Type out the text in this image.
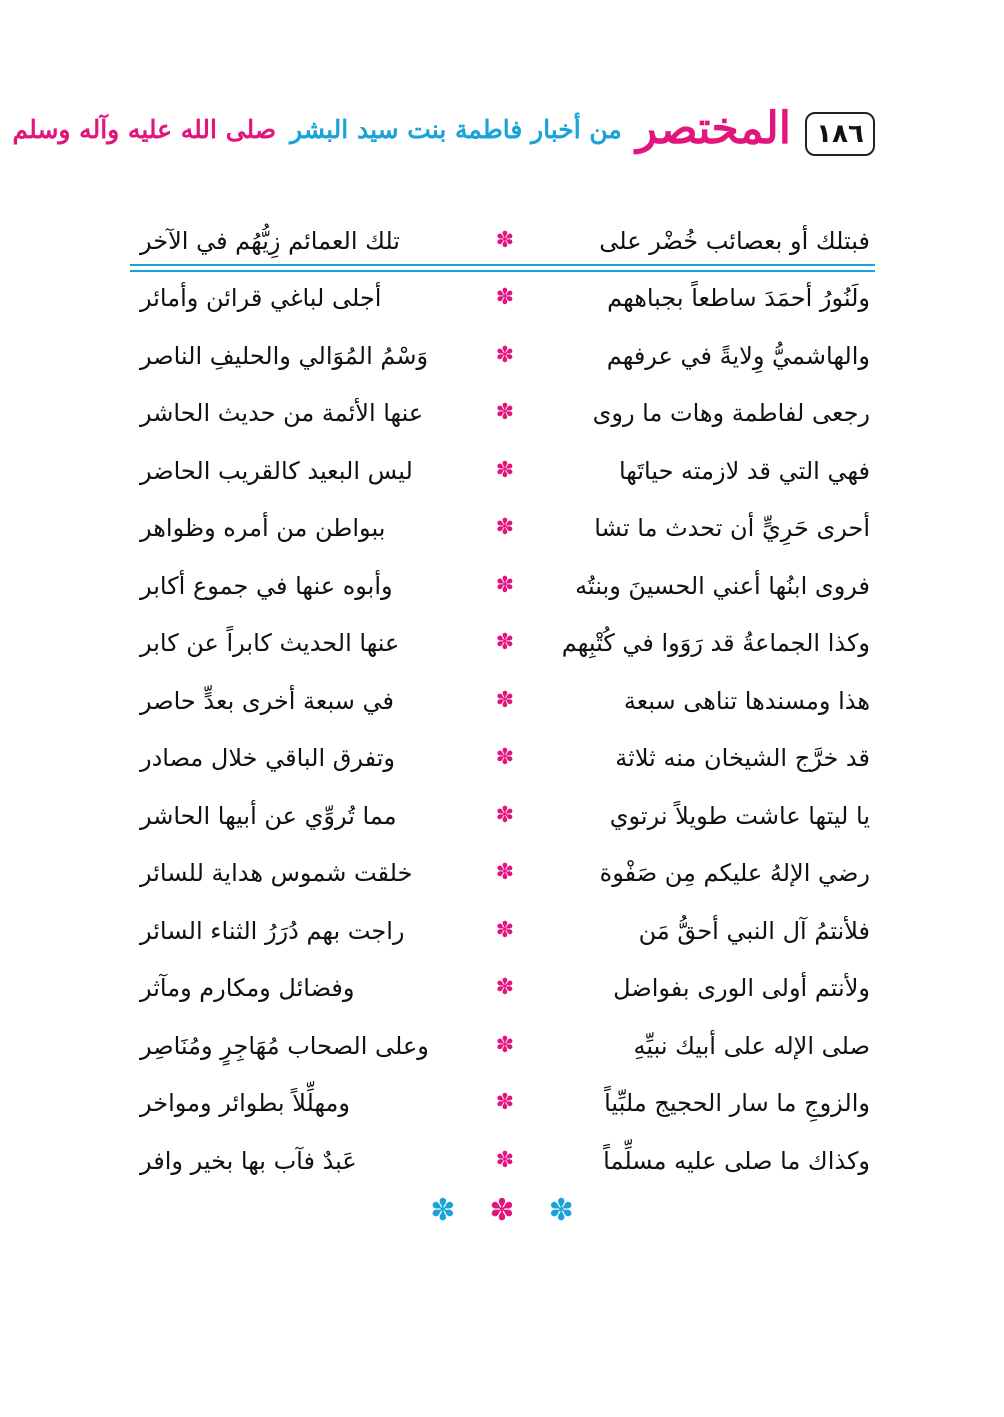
١٨٦
المختصر
من أخبار فاطمة بنت سيد البشر
صلى الله عليه وآله وسلم
فبتلك أو بعصائب خُضْر على
✽
تلك العمائم زِيُّهُم في الآخر
ولَنُورُ أحمَدَ ساطعاً بجباههم
✽
أجلى لباغي قرائن وأمائر
والهاشميُّ وِلايةً في عرفهم
✽
وَسْمُ المُوَالي والحليفِ الناصر
رجعى لفاطمة وهات ما روى
✽
عنها الأئمة من حديث الحاشر
فهي التي قد لازمته حياتَها
✽
ليس البعيد كالقريب الحاضر
أحرى حَرِيٍّ أن تحدث ما تشا
✽
ببواطن من أمره وظواهر
فروى ابنُها أعني الحسينَ وبنتُه
✽
وأبوه عنها في جموع أكابر
وكذا الجماعةُ قد رَوَوا في كُتْبِهم
✽
عنها الحديث كابراً عن كابر
هذا ومسندها تناهى سبعة
✽
في سبعة أخرى بعدٍّ حاصر
قد خرَّج الشيخان منه ثلاثة
✽
وتفرق الباقي خلال مصادر
يا ليتها عاشت طويلاً نرتوي
✽
مما تُروِّي عن أبيها الحاشر
رضي الإلهُ عليكم مِن صَفْوة
✽
خلقت شموس هداية للسائر
فلأنتمُ آل النبي أحقُّ مَن
✽
راجت بهم دُرَرُ الثناء السائر
ولأنتم أولى الورى بفواضل
✽
وفضائل ومكارم ومآثر
صلى الإله على أبيك نبيِّهِ
✽
وعلى الصحاب مُهَاجِرٍ ومُنَاصِر
والزوجِ ما سار الحجيج ملبِّياً
✽
ومهلِّلاً بطوائر ومواخر
وكذاك ما صلى عليه مسلِّماً
✽
عَبدٌ فآب بها بخير وافر
✽ ✽ ✽
